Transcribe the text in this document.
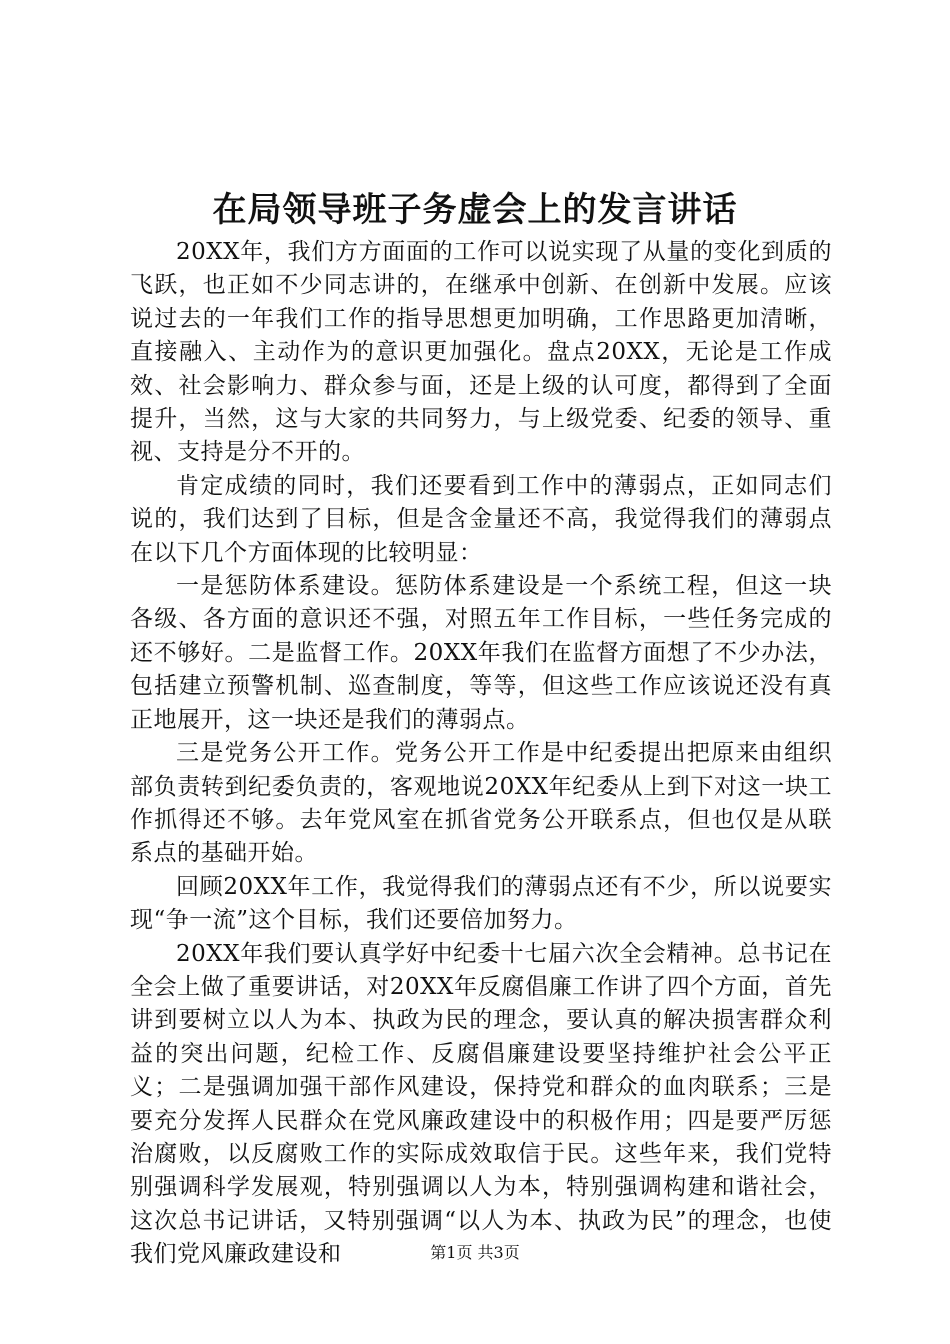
在局领导班子务虚会上的发言讲话

20XX年，我们方方面面的工作可以说实现了从量的变化到质的飞跃，也正如不少同志讲的，在继承中创新、在创新中发展。应该说过去的一年我们工作的指导思想更加明确，工作思路更加清晰，直接融入、主动作为的意识更加强化。盘点20XX，无论是工作成效、社会影响力、群众参与面，还是上级的认可度，都得到了全面提升，当然，这与大家的共同努力，与上级党委、纪委的领导、重视、支持是分不开的。

肯定成绩的同时，我们还要看到工作中的薄弱点，正如同志们说的，我们达到了目标，但是含金量还不高，我觉得我们的薄弱点在以下几个方面体现的比较明显：

一是惩防体系建设。惩防体系建设是一个系统工程，但这一块各级、各方面的意识还不强，对照五年工作目标，一些任务完成的还不够好。二是监督工作。20XX年我们在监督方面想了不少办法，包括建立预警机制、巡查制度，等等，但这些工作应该说还没有真正地展开，这一块还是我们的薄弱点。

三是党务公开工作。党务公开工作是中纪委提出把原来由组织部负责转到纪委负责的，客观地说20XX年纪委从上到下对这一块工作抓得还不够。去年党风室在抓省党务公开联系点，但也仅是从联系点的基础开始。

回顾20XX年工作，我觉得我们的薄弱点还有不少，所以说要实现“争一流”这个目标，我们还要倍加努力。

20XX年我们要认真学好中纪委十七届六次全会精神。总书记在全会上做了重要讲话，对20XX年反腐倡廉工作讲了四个方面，首先讲到要树立以人为本、执政为民的理念，要认真的解决损害群众利益的突出问题，纪检工作、反腐倡廉建设要坚持维护社会公平正义；二是强调加强干部作风建设，保持党和群众的血肉联系；三是要充分发挥人民群众在党风廉政建设中的积极作用；四是要严厉惩治腐败，以反腐败工作的实际成效取信于民。这些年来，我们党特别强调科学发展观，特别强调以人为本，特别强调构建和谐社会，这次总书记讲话，又特别强调“以人为本、执政为民”的理念，也使我们党风廉政建设和	第1页 共3页
